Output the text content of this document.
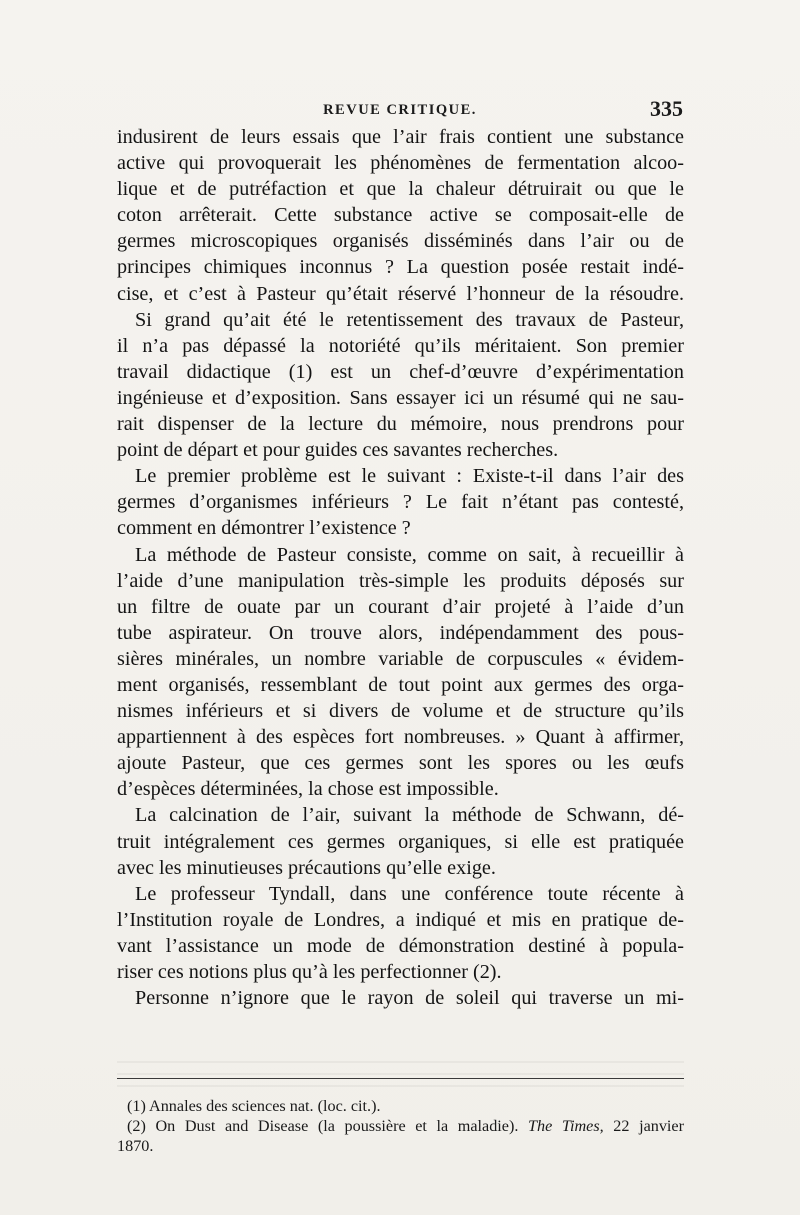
REVUE CRITIQUE.	335
indusirent de leurs essais que l’air frais contient une substance
active qui provoquerait les phénomènes de fermentation alcoo-
lique et de putréfaction et que la chaleur détruirait ou que le
coton arrêterait. Cette substance active se composait-elle de
germes microscopiques organisés disséminés dans l’air ou de
principes chimiques inconnus ? La question posée restait indé-
cise, et c’est à Pasteur qu’était réservé l’honneur de la résoudre.
Si grand qu’ait été le retentissement des travaux de Pasteur,
il n’a pas dépassé la notoriété qu’ils méritaient. Son premier
travail didactique (1) est un chef-d’œuvre d’expérimentation
ingénieuse et d’exposition. Sans essayer ici un résumé qui ne sau-
rait dispenser de la lecture du mémoire, nous prendrons pour
point de départ et pour guides ces savantes recherches.
Le premier problème est le suivant : Existe-t-il dans l’air des
germes d’organismes inférieurs ? Le fait n’étant pas contesté,
comment en démontrer l’existence ?
La méthode de Pasteur consiste, comme on sait, à recueillir à
l’aide d’une manipulation très-simple les produits déposés sur
un filtre de ouate par un courant d’air projeté à l’aide d’un
tube aspirateur. On trouve alors, indépendamment des pous-
sières minérales, un nombre variable de corpuscules « évidem-
ment organisés, ressemblant de tout point aux germes des orga-
nismes inférieurs et si divers de volume et de structure qu’ils
appartiennent à des espèces fort nombreuses. » Quant à affirmer,
ajoute Pasteur, que ces germes sont les spores ou les œufs
d’espèces déterminées, la chose est impossible.
La calcination de l’air, suivant la méthode de Schwann, dé-
truit intégralement ces germes organiques, si elle est pratiquée
avec les minutieuses précautions qu’elle exige.
Le professeur Tyndall, dans une conférence toute récente à
l’Institution royale de Londres, a indiqué et mis en pratique de-
vant l’assistance un mode de démonstration destiné à popula-
riser ces notions plus qu’à les perfectionner (2).
Personne n’ignore que le rayon de soleil qui traverse un mi-
(1) Annales des sciences nat. (loc. cit.).
(2) On Dust and Disease (la poussière et la maladie). The Times, 22 janvier
1870.
